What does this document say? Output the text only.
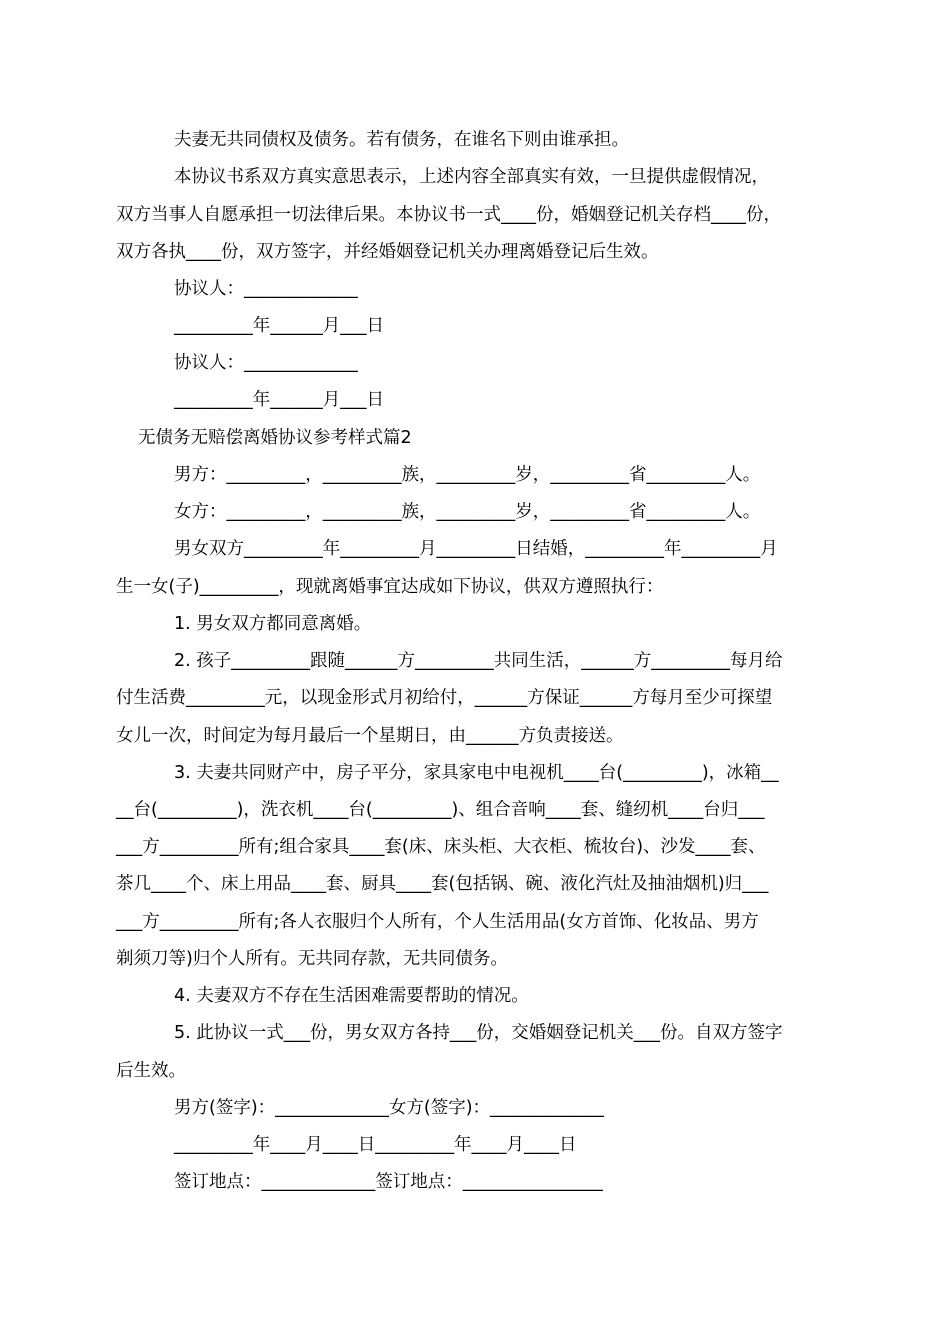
夫妻无共同债权及债务。若有债务，在谁名下则由谁承担。
本协议书系双方真实意思表示，上述内容全部真实有效，一旦提供虚假情况，
双方当事人自愿承担一切法律后果。本协议书一式____份，婚姻登记机关存档____份，
双方各执____份，双方签字，并经婚姻登记机关办理离婚登记后生效。
协议人：_____________
_________年______月___日
协议人：_____________
_________年______月___日
无债务无赔偿离婚协议参考样式篇2
男方：_________，_________族，_________岁，_________省_________人。
女方：_________，_________族，_________岁，_________省_________人。
男女双方_________年_________月_________日结婚，_________年_________月
生一女(子)_________，现就离婚事宜达成如下协议，供双方遵照执行：
1. 男女双方都同意离婚。
2. 孩子_________跟随______方_________共同生活，______方_________每月给
付生活费_________元，以现金形式月初给付，______方保证______方每月至少可探望
女儿一次，时间定为每月最后一个星期日，由______方负责接送。
3. 夫妻共同财产中，房子平分，家具家电中电视机____台(_________)，冰箱__
__台(_________)，洗衣机____台(_________)、组合音响____套、缝纫机____台归___
___方_________所有;组合家具____套(床、床头柜、大衣柜、梳妆台)、沙发____套、
茶几____个、床上用品____套、厨具____套(包括锅、碗、液化汽灶及抽油烟机)归___
___方_________所有;各人衣服归个人所有，个人生活用品(女方首饰、化妆品、男方
剃须刀等)归个人所有。无共同存款，无共同债务。
4. 夫妻双方不存在生活困难需要帮助的情况。
5. 此协议一式___份，男女双方各持___份，交婚姻登记机关___份。自双方签字
后生效。
男方(签字)：_____________女方(签字)：_____________
_________年____月____日_________年____月____日
签订地点：_____________签订地点：________________
